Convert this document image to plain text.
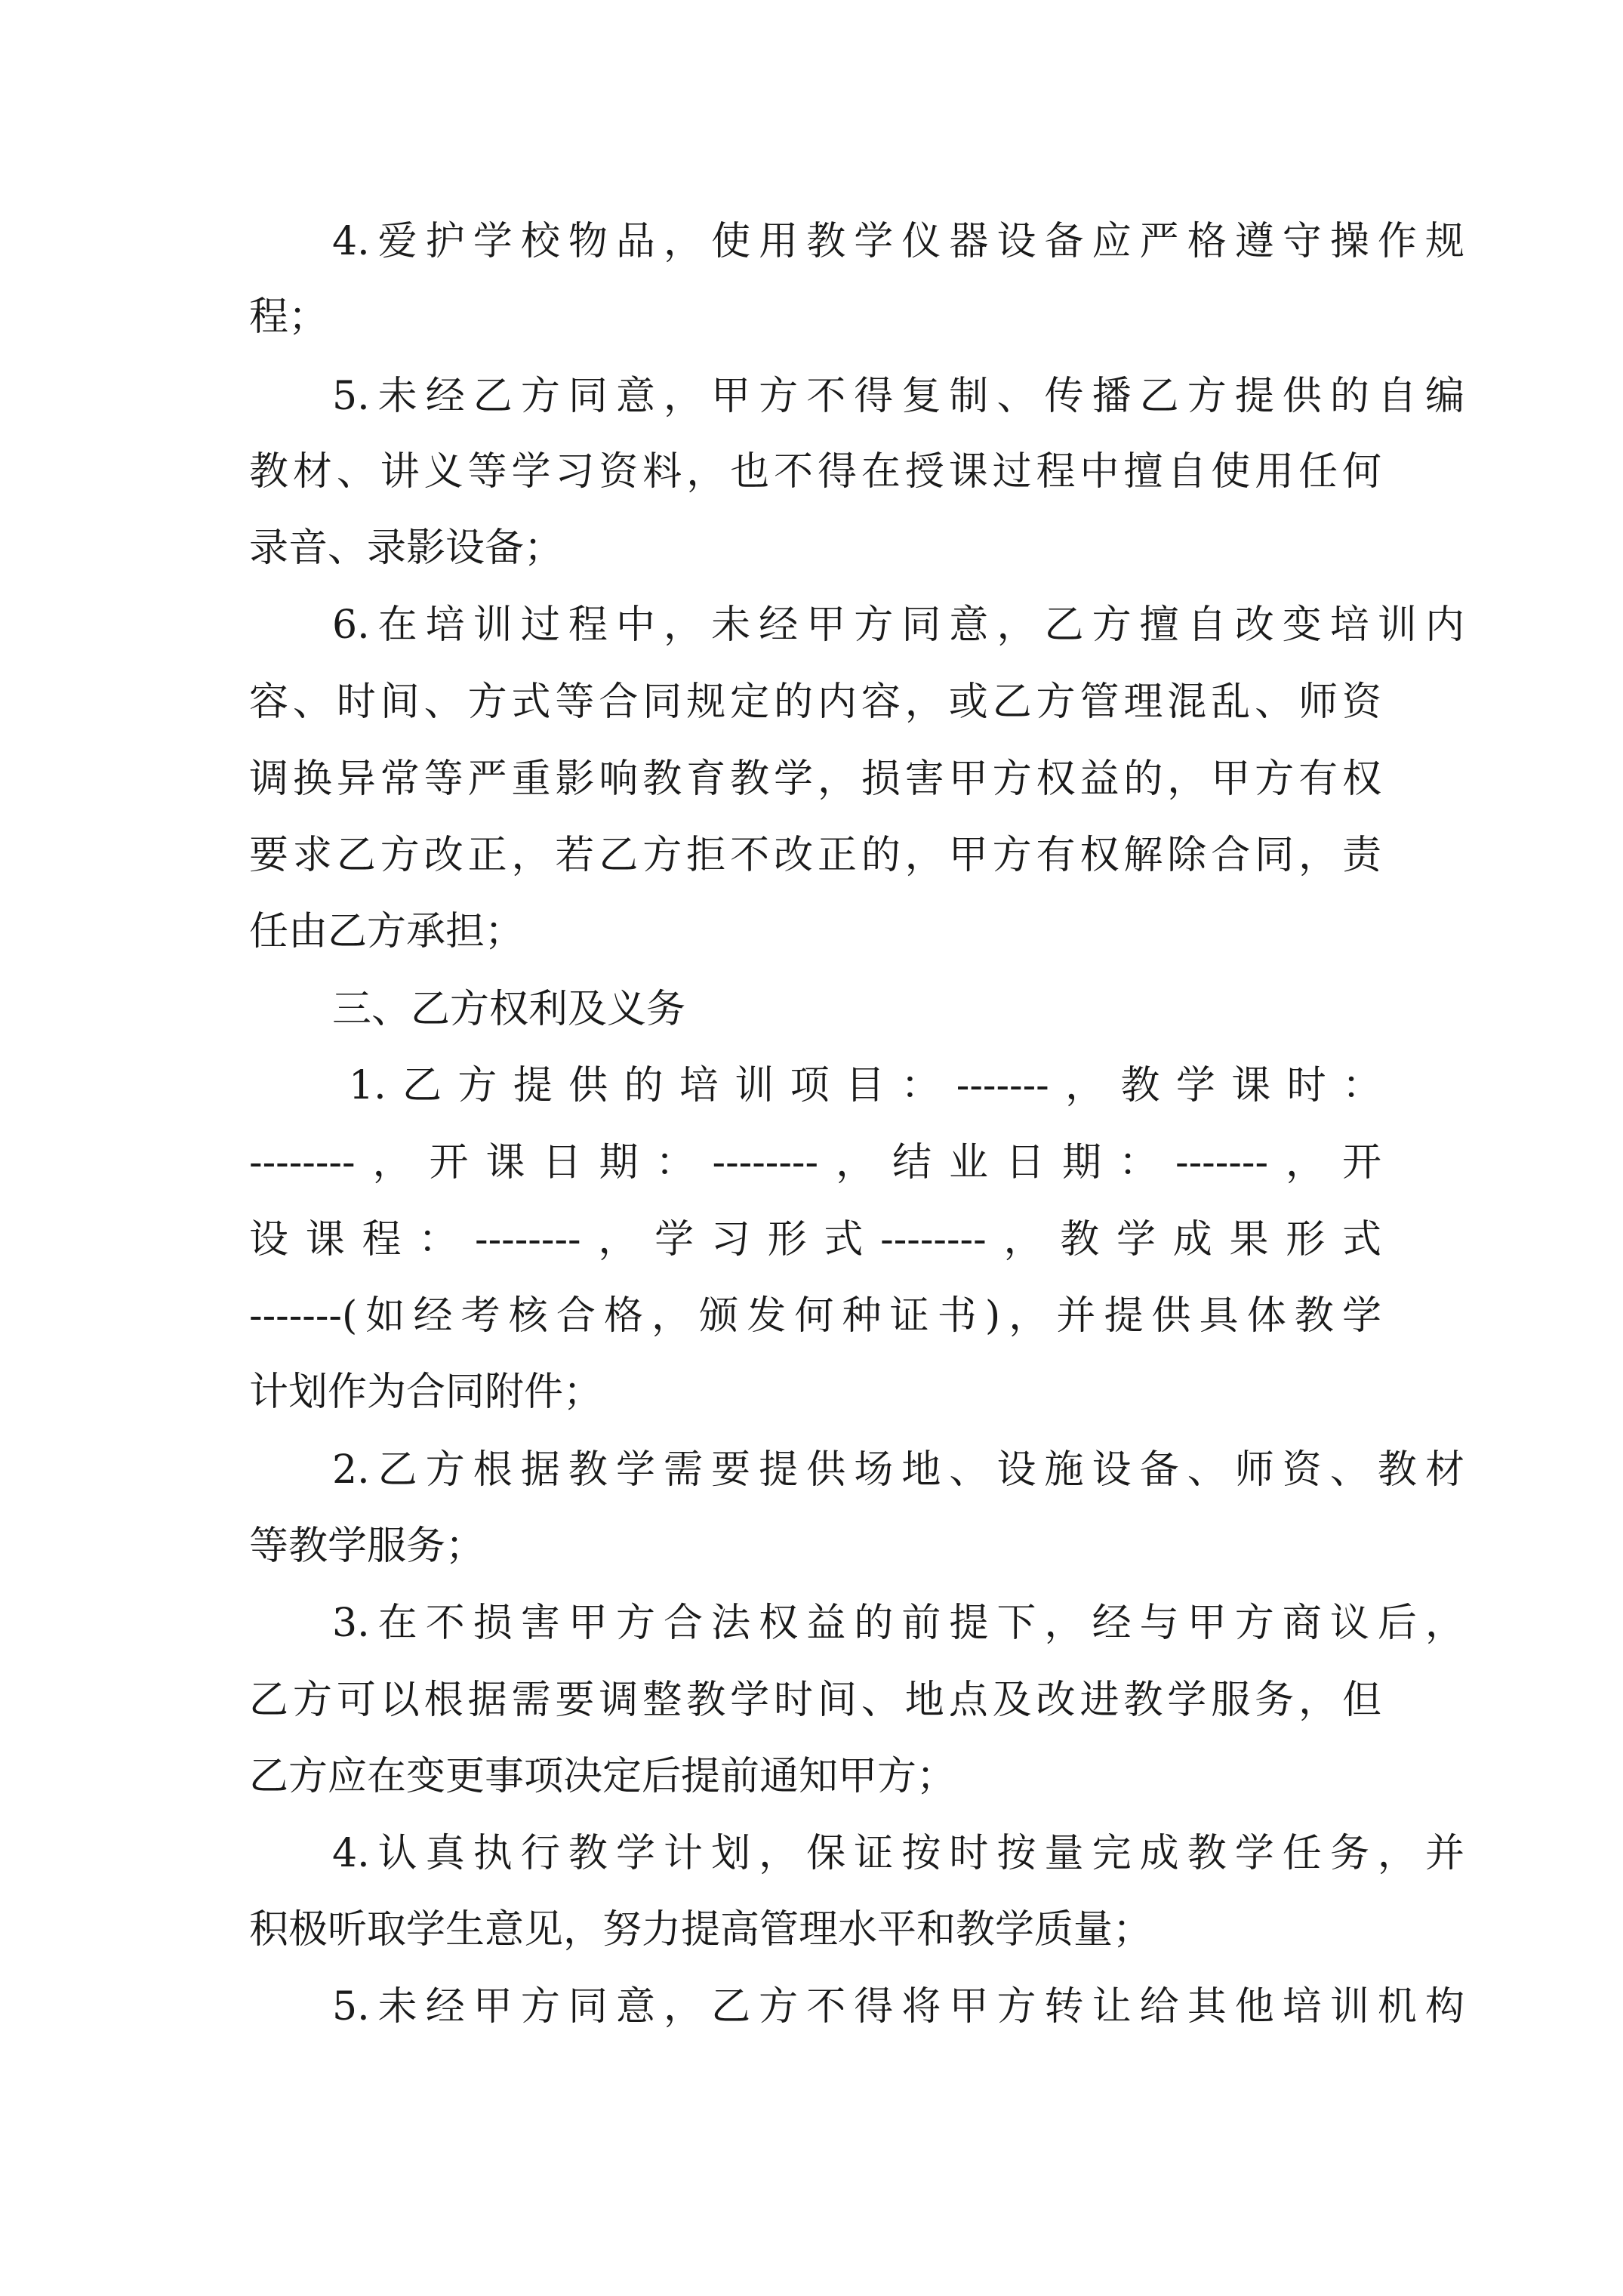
4.爱护学校物品，使用教学仪器设备应严格遵守操作规

程；

5.未经乙方同意，甲方不得复制、传播乙方提供的自编

教材、讲义等学习资料，也不得在授课过程中擅自使用任何

录音、录影设备；

6.在培训过程中，未经甲方同意，乙方擅自改变培训内

容、时间、方式等合同规定的内容，或乙方管理混乱、师资

调换异常等严重影响教育教学，损害甲方权益的，甲方有权

要求乙方改正，若乙方拒不改正的，甲方有权解除合同，责

任由乙方承担；

三、乙方权利及义务

1.乙方提供的培训项目：-------，教学课时：

--------，开课日期：--------，结业日期：-------，开

设课程：--------，学习形式--------，教学成果形式

-------(如经考核合格，颁发何种证书)，并提供具体教学

计划作为合同附件；

2.乙方根据教学需要提供场地、设施设备、师资、教材

等教学服务；

3.在不损害甲方合法权益的前提下，经与甲方商议后，

乙方可以根据需要调整教学时间、地点及改进教学服务，但

乙方应在变更事项决定后提前通知甲方；

4.认真执行教学计划，保证按时按量完成教学任务，并

积极听取学生意见，努力提高管理水平和教学质量；

5.未经甲方同意，乙方不得将甲方转让给其他培训机构
